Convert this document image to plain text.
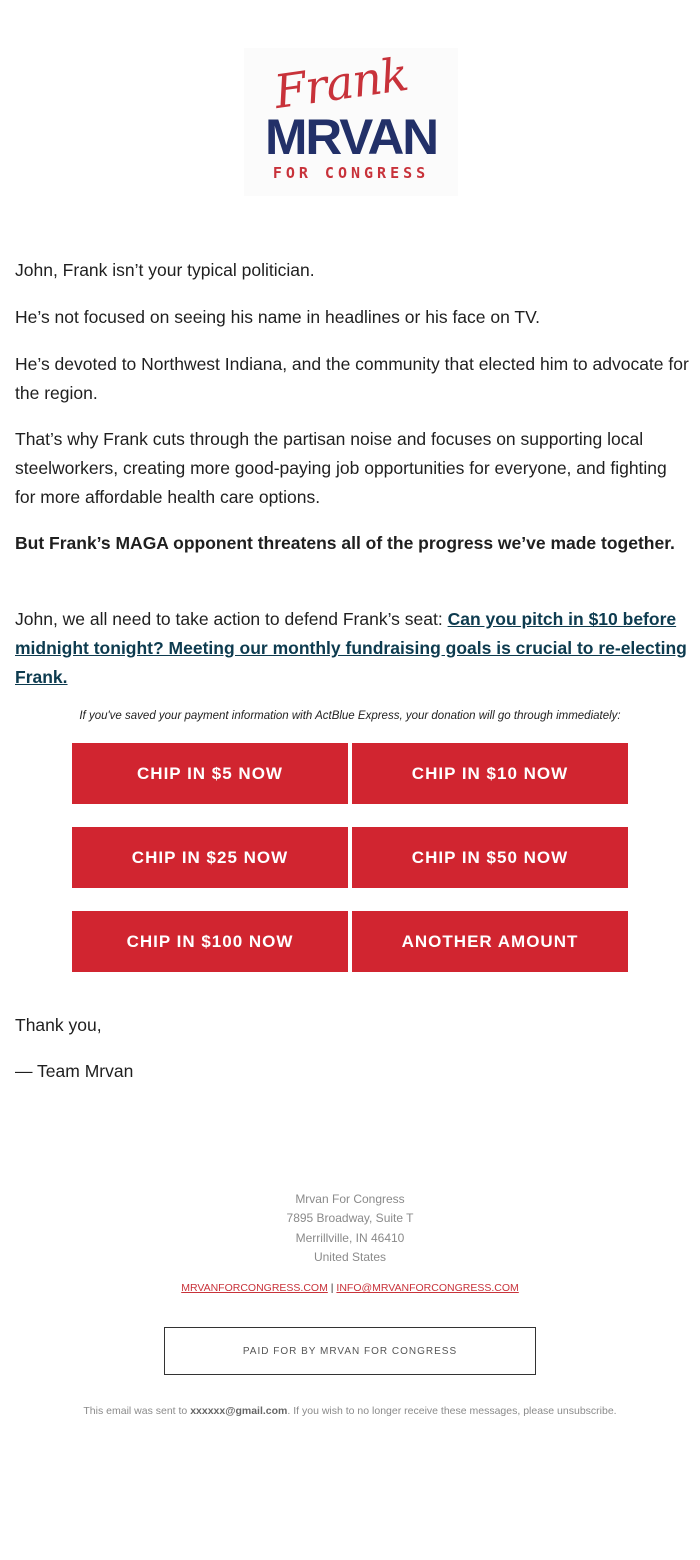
Frank
MRVAN
FOR CONGRESS

John, Frank isn’t your typical politician.

He’s not focused on seeing his name in headlines or his face on TV.

He’s devoted to Northwest Indiana, and the community that elected him to advocate for the region.

That’s why Frank cuts through the partisan noise and focuses on supporting local steelworkers, creating more good-paying job opportunities for everyone, and fighting for more affordable health care options.

But Frank’s MAGA opponent threatens all of the progress we’ve made together.

John, we all need to take action to defend Frank’s seat: Can you pitch in $10 before midnight tonight? Meeting our monthly fundraising goals is crucial to re-electing Frank.

If you've saved your payment information with ActBlue Express, your donation will go through immediately:
CHIP IN $5 NOW	CHIP IN $10 NOW
CHIP IN $25 NOW	CHIP IN $50 NOW
CHIP IN $100 NOW	ANOTHER AMOUNT

Thank you,

— Team Mrvan

Mrvan For Congress
7895 Broadway, Suite T
Merrillville, IN 46410
United States
MRVANFORCONGRESS.COM | INFO@MRVANFORCONGRESS.COM
PAID FOR BY MRVAN FOR CONGRESS
This email was sent to xxxxxx@gmail.com. If you wish to no longer receive these messages, please unsubscribe.
